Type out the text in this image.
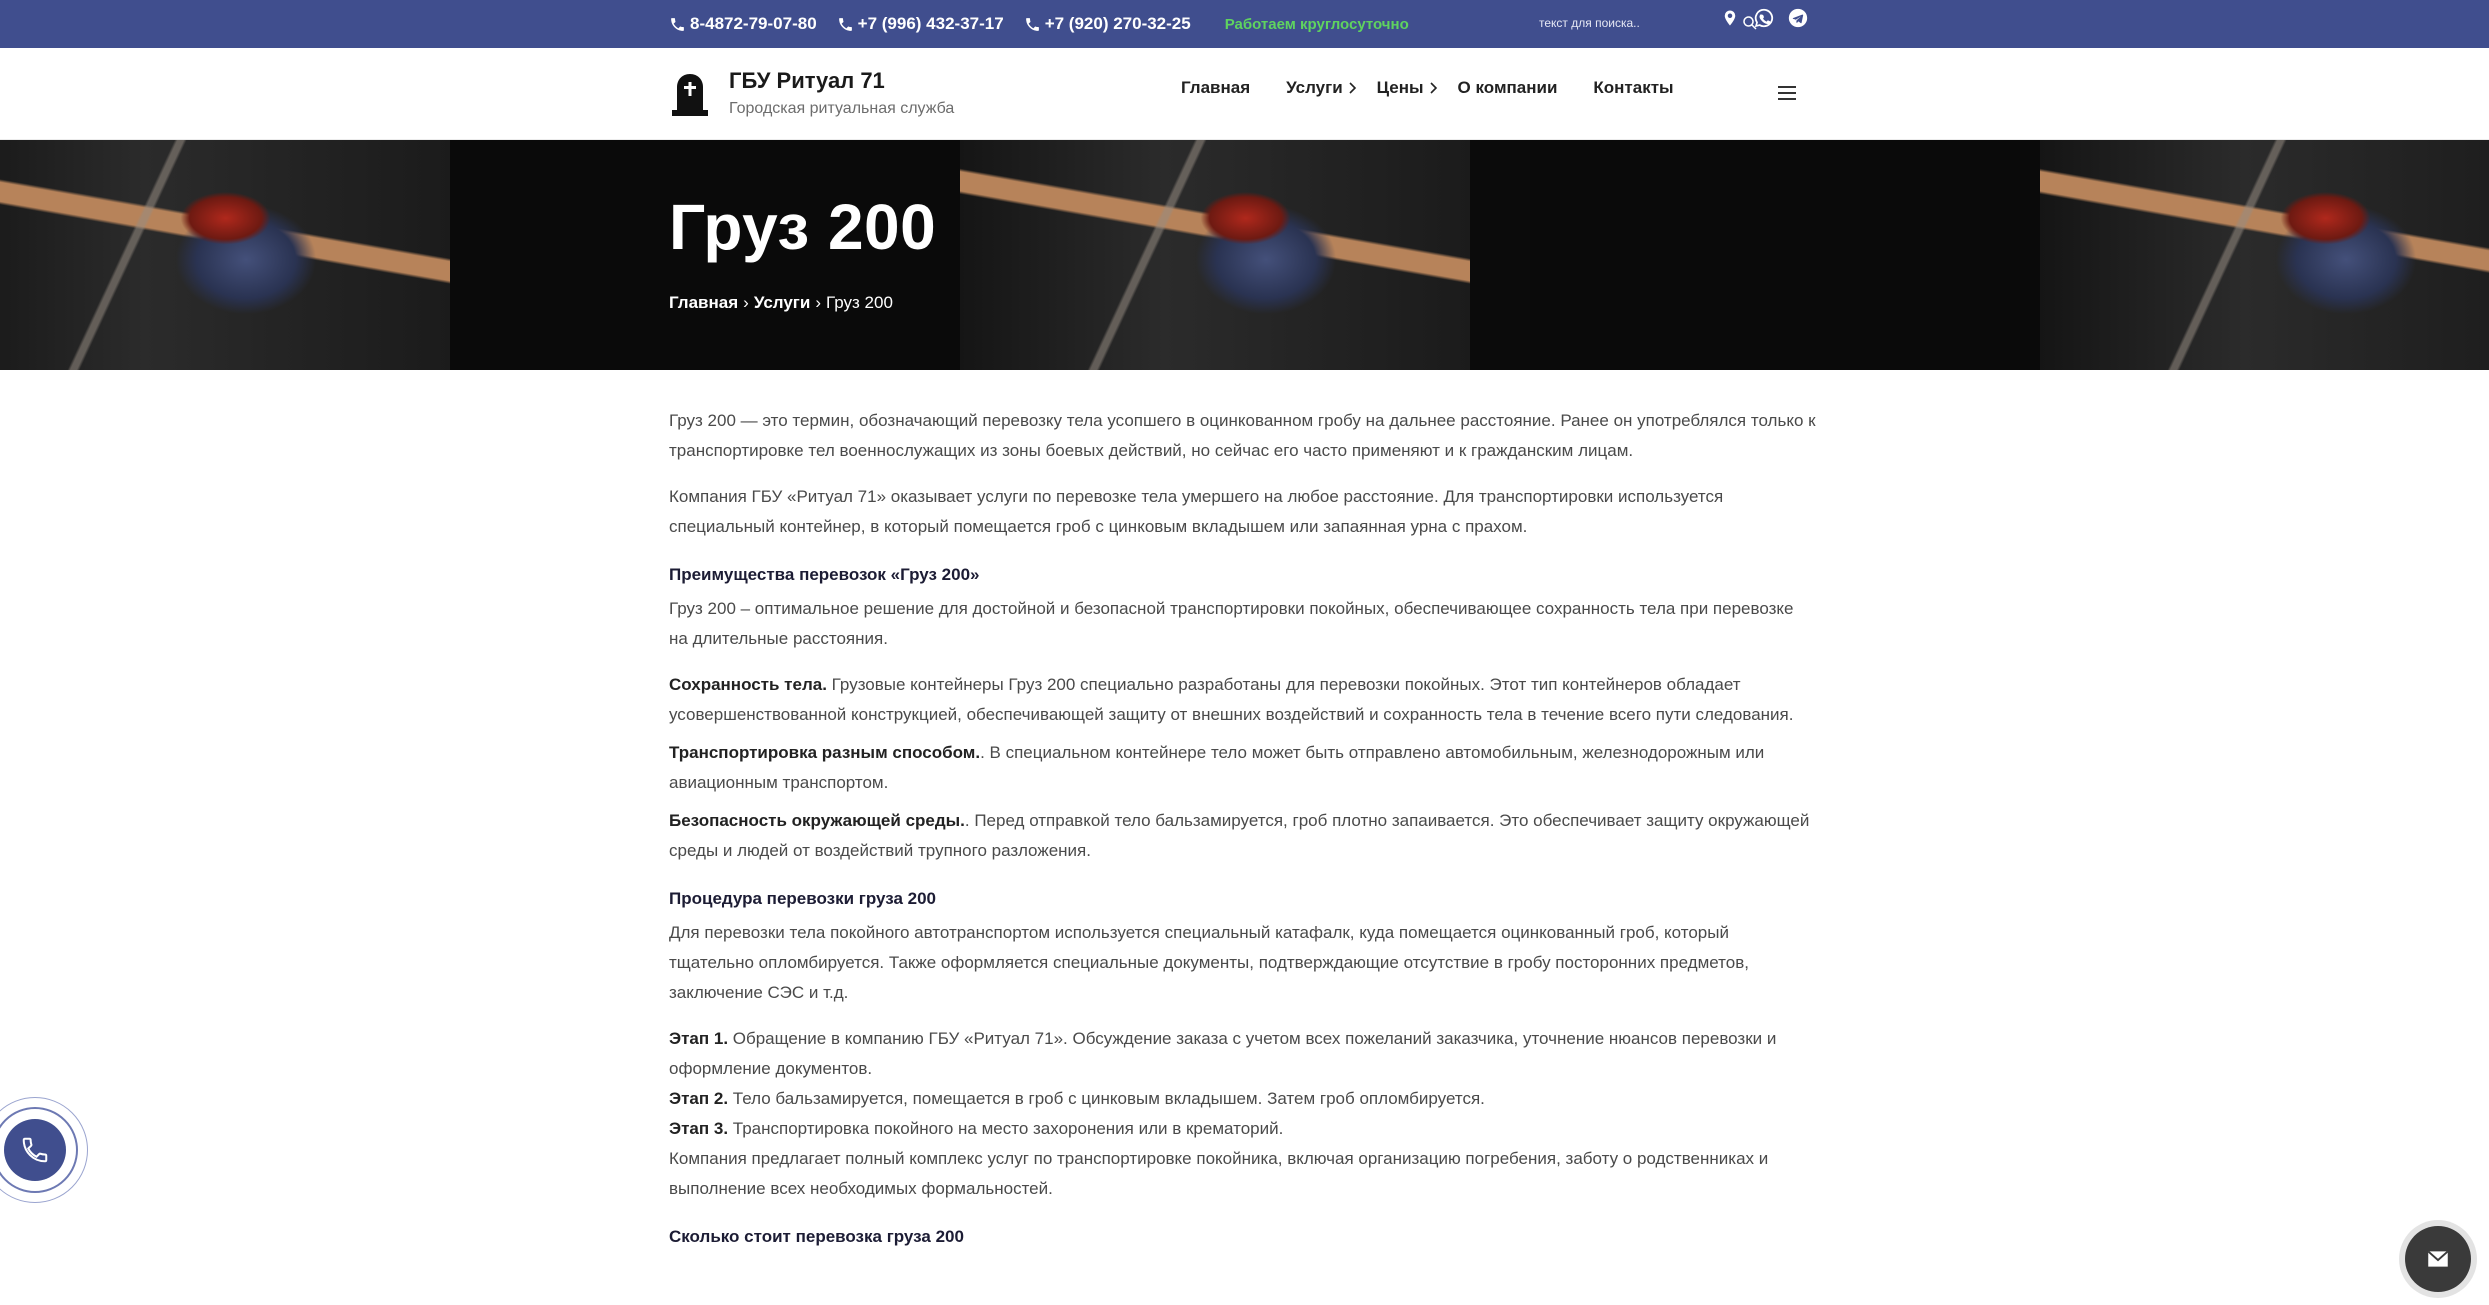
8-4872-79-07-80 +7 (996) 432-37-17 +7 (920) 270-32-25 Работаем круглосуточно
текст для поиска..
ГБУ Ритуал 71
Городская ритуальная служба
Главная Услуги Цены О компании Контакты
Груз 200
Главная › Услуги › Груз 200

Груз 200 — это термин, обозначающий перевозку тела усопшего в оцинкованном гробу на дальнее расстояние. Ранее он употреблялся только к транспортировке тел военнослужащих из зоны боевых действий, но сейчас его часто применяют и к гражданским лицам.

Компания ГБУ «Ритуал 71» оказывает услуги по перевозке тела умершего на любое расстояние. Для транспортировки используется специальный контейнер, в который помещается гроб с цинковым вкладышем или запаянная урна с прахом.

Преимущества перевозок «Груз 200»

Груз 200 – оптимальное решение для достойной и безопасной транспортировки покойных, обеспечивающее сохранность тела при перевозке на длительные расстояния.

Сохранность тела. Грузовые контейнеры Груз 200 специально разработаны для перевозки покойных. Этот тип контейнеров обладает усовершенствованной конструкцией, обеспечивающей защиту от внешних воздействий и сохранность тела в течение всего пути следования.

Транспортировка разным способом.. В специальном контейнере тело может быть отправлено автомобильным, железнодорожным или авиационным транспортом.

Безопасность окружающей среды.. Перед отправкой тело бальзамируется, гроб плотно запаивается. Это обеспечивает защиту окружающей среды и людей от воздействий трупного разложения.

Процедура перевозки груза 200

Для перевозки тела покойного автотранспортом используется специальный катафалк, куда помещается оцинкованный гроб, который тщательно опломбируется. Также оформляется специальные документы, подтверждающие отсутствие в гробу посторонних предметов, заключение СЭС и т.д.

Этап 1. Обращение в компанию ГБУ «Ритуал 71». Обсуждение заказа с учетом всех пожеланий заказчика, уточнение нюансов перевозки и оформление документов.

Этап 2. Тело бальзамируется, помещается в гроб с цинковым вкладышем. Затем гроб опломбируется.

Этап 3. Транспортировка покойного на место захоронения или в крематорий.

Компания предлагает полный комплекс услуг по транспортировке покойника, включая организацию погребения, заботу о родственниках и выполнение всех необходимых формальностей.

Сколько стоит перевозка груза 200
